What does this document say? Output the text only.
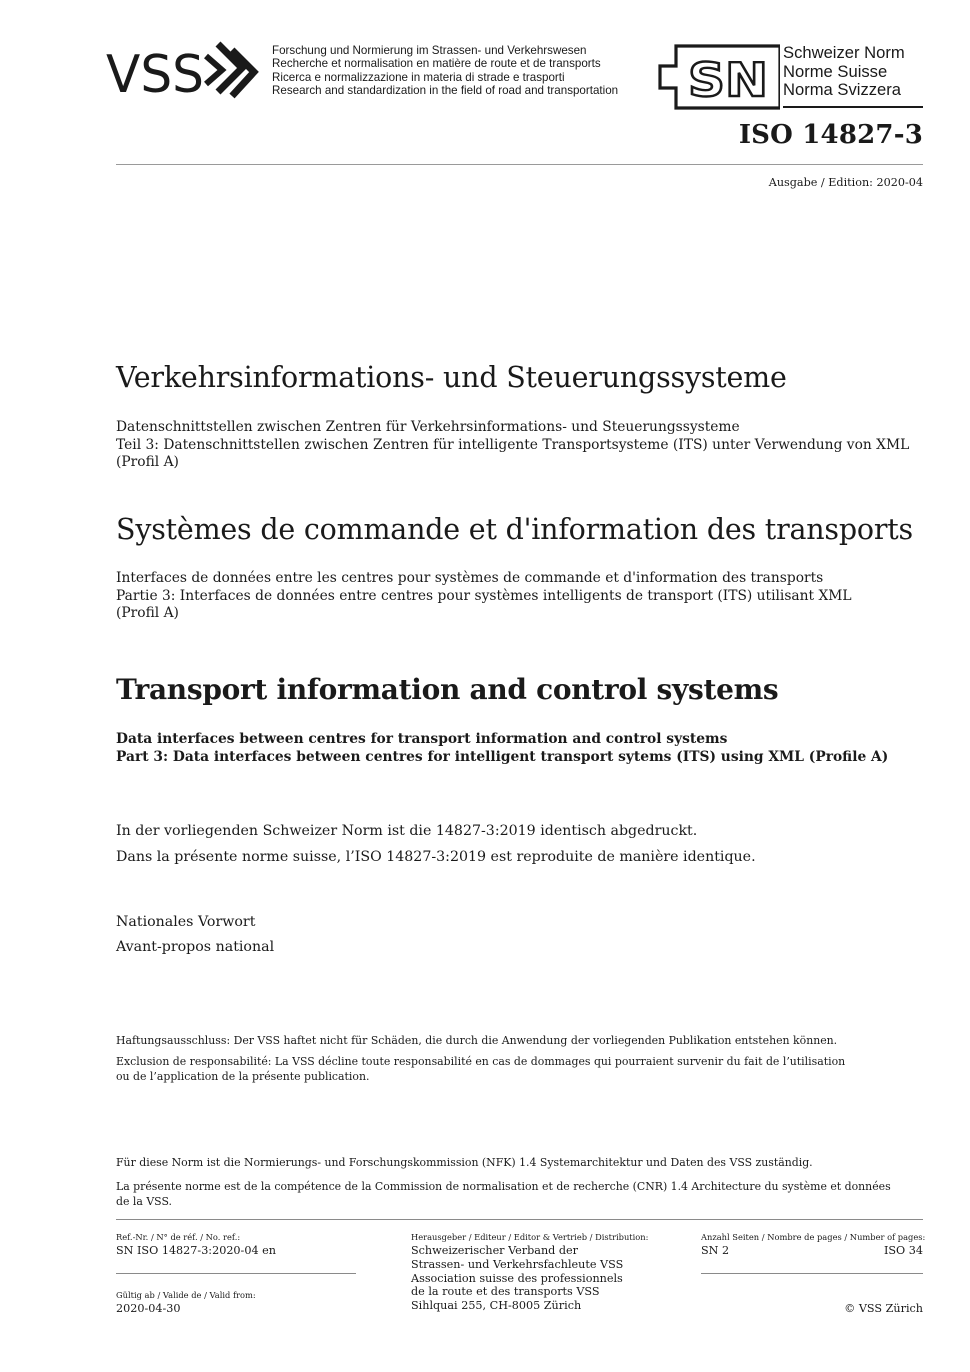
VSS	Forschung und Normierung im Strassen- und Verkehrswesen
Recherche et normalisation en matière de route et de transports
Ricerca e normalizzazione in materia di strade e trasporti
Research and standardization in the field of road and transportation SN
Schweizer Norm
Norme Suisse
Norma Svizzera
ISO 14827-3
Ausgabe / Edition: 2020-04
Verkehrsinformations- und Steuerungssysteme
Datenschnittstellen zwischen Zentren für Verkehrsinformations- und Steuerungssysteme
Teil 3: Datenschnittstellen zwischen Zentren für intelligente Transportsysteme (ITS) unter Verwendung von XML
(Profil A)
Systèmes de commande et d'information des transports
Interfaces de données entre les centres pour systèmes de commande et d'information des transports
Partie 3: Interfaces de données entre centres pour systèmes intelligents de transport (ITS) utilisant XML
(Profil A)
Transport information and control systems
Data interfaces between centres for transport information and control systems
Part 3: Data interfaces between centres for intelligent transport sytems (ITS) using XML (Profile A)
In der vorliegenden Schweizer Norm ist die 14827-3:2019 identisch abgedruckt.
Dans la présente norme suisse, l’ISO 14827-3:2019 est reproduite de manière identique.
Nationales Vorwort
Avant-propos national
Haftungsausschluss: Der VSS haftet nicht für Schäden, die durch die Anwendung der vorliegenden Publikation entstehen können.
Exclusion de responsabilité: La VSS décline toute responsabilité en cas de dommages qui pourraient survenir du fait de l’utilisation
ou de l’application de la présente publication.
Für diese Norm ist die Normierungs- und Forschungskommission (NFK) 1.4 Systemarchitektur und Daten des VSS zuständig.
La présente norme est de la compétence de la Commission de normalisation et de recherche (CNR) 1.4 Architecture du système et données
de la VSS.
Ref.-Nr. / N° de réf. / No. ref.:
SN ISO 14827-3:2020-04 en
Gültig ab / Valide de / Valid from:
2020-04-30
Herausgeber / Editeur / Editor & Vertrieb / Distribution:
Schweizerischer Verband der
Strassen- und Verkehrsfachleute VSS
Association suisse des professionnels
de la route et des transports VSS
Sihlquai 255, CH-8005 Zürich
Anzahl Seiten / Nombre de pages / Number of pages:
SN 2	ISO 34
© VSS Zürich
